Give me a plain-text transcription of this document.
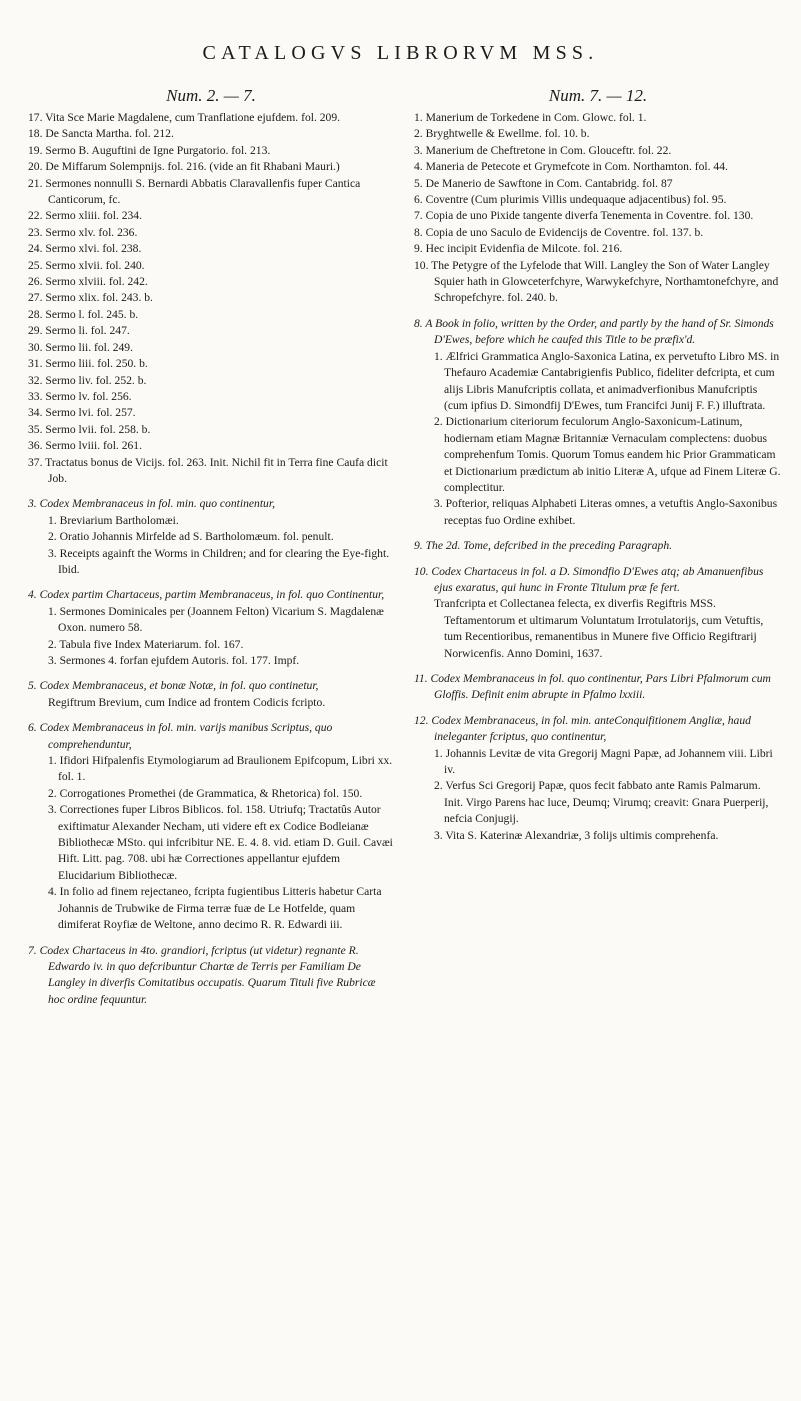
CATALOGVS LIBRORVM MSS.
Num. 2. — 7.

17. Vita Sce Marie Magdalene, cum Tranflatione ejufdem. fol. 209.

18. De Sancta Martha. fol. 212.

19. Sermo B. Auguftini de Igne Purgatorio. fol. 213.

20. De Miffarum Solempnijs. fol. 216. (vide an fit Rhabani Mauri.)

21. Sermones nonnulli S. Bernardi Abbatis Claravallenfis fuper Cantica Canticorum, fc.

22. Sermo xliii. fol. 234.

23. Sermo xlv. fol. 236.

24. Sermo xlvi. fol. 238.

25. Sermo xlvii. fol. 240.

26. Sermo xlviii. fol. 242.

27. Sermo xlix. fol. 243. b.

28. Sermo l. fol. 245. b.

29. Sermo li. fol. 247.

30. Sermo lii. fol. 249.

31. Sermo liii. fol. 250. b.

32. Sermo liv. fol. 252. b.

33. Sermo lv. fol. 256.

34. Sermo lvi. fol. 257.

35. Sermo lvii. fol. 258. b.

36. Sermo lviii. fol. 261.

37. Tractatus bonus de Vicijs. fol. 263. Init. Nichil fit in Terra fine Caufa dicit Job.

3. Codex Membranaceus in fol. min. quo continentur,

1. Breviarium Bartholomæi.

2. Oratio Johannis Mirfelde ad S. Bartholomæum. fol. penult.

3. Receipts againft the Worms in Children; and for clearing the Eye-fight. Ibid.

4. Codex partim Chartaceus, partim Membranaceus, in fol. quo Continentur,

1. Sermones Dominicales per (Joannem Felton) Vicarium S. Magdalenæ Oxon. numero 58.

2. Tabula five Index Materiarum. fol. 167.

3. Sermones 4. forfan ejufdem Autoris. fol. 177. Impf.

5. Codex Membranaceus, et bonæ Notæ, in fol. quo continetur,

Regiftrum Brevium, cum Indice ad frontem Codicis fcripto.

6. Codex Membranaceus in fol. min. varijs manibus Scriptus, quo comprehenduntur,

1. Ifidori Hifpalenfis Etymologiarum ad Braulionem Epifcopum, Libri xx. fol. 1.

2. Corrogationes Promethei (de Grammatica, & Rhetorica) fol. 150.

3. Correctiones fuper Libros Biblicos. fol. 158. Utriufq; Tractatûs Autor exiftimatur Alexander Necham, uti videre eft ex Codice Bodleianæ Bibliothecæ MSto. qui infcribitur NE. E. 4. 8. vid. etiam D. Guil. Cavæi Hift. Litt. pag. 708. ubi hæ Correctiones appellantur ejufdem Elucidarium Bibliothecæ.

4. In folio ad finem rejectaneo, fcripta fugientibus Litteris habetur Carta Johannis de Trubwike de Firma terræ fuæ de Le Hotfelde, quam dimiferat Royfiæ de Weltone, anno decimo R. R. Edwardi iii.

7. Codex Chartaceus in 4to. grandiori, fcriptus (ut videtur) regnante R. Edwardo iv. in quo defcribuntur Chartæ de Terris per Familiam De Langley in diverfis Comitatibus occupatis. Quarum Tituli five Rubricæ hoc ordine fequuntur.

Num. 7. — 12.

1. Manerium de Torkedene in Com. Glowc. fol. 1.

2. Bryghtwelle & Ewellme. fol. 10. b.

3. Manerium de Cheftretone in Com. Glouceftr. fol. 22.

4. Maneria de Petecote et Grymefcote in Com. Northamton. fol. 44.

5. De Manerio de Sawftone in Com. Cantabridg. fol. 87

6. Coventre (Cum plurimis Villis undequaque adjacentibus) fol. 95.

7. Copia de uno Pixide tangente diverfa Tenementa in Coventre. fol. 130.

8. Copia de uno Saculo de Evidencijs de Coventre. fol. 137. b.

9. Hec incipit Evidenfia de Milcote. fol. 216.

10. The Petygre of the Lyfelode that Will. Langley the Son of Water Langley Squier hath in Glowceterfchyre, Warwykefchyre, Northamtonefchyre, and Schropefchyre. fol. 240. b.

8. A Book in folio, written by the Order, and partly by the hand of Sr. Simonds D'Ewes, before which he caufed this Title to be præfix'd.

1. Ælfrici Grammatica Anglo-Saxonica Latina, ex pervetufto Libro MS. in Thefauro Academiæ Cantabrigienfis Publico, fideliter defcripta, et cum alijs Libris Manufcriptis collata, et animadverfionibus Manufcriptis (cum ipfius D. Simondfij D'Ewes, tum Francifci Junij F. F.) illuftrata.

2. Dictionarium citeriorum feculorum Anglo-Saxonicum-Latinum, hodiernam etiam Magnæ Britanniæ Vernaculam complectens: duobus comprehenfum Tomis. Quorum Tomus eandem hic Prior Grammaticam et Dictionarium prædictum ab initio Literæ A, ufque ad Finem Literæ G. complectitur.

3. Pofterior, reliquas Alphabeti Literas omnes, a vetuftis Anglo-Saxonibus receptas fuo Ordine exhibet.

9. The 2d. Tome, defcribed in the preceding Paragraph.

10. Codex Chartaceus in fol. a D. Simondfio D'Ewes atq; ab Amanuenfibus ejus exaratus, qui hunc in Fronte Titulum præ fe fert.

Tranfcripta et Collectanea felecta, ex diverfis Regiftris MSS. Teftamentorum et ultimarum Voluntatum Irrotulatorijs, cum Vetuftis, tum Recentioribus, remanentibus in Munere five Officio Regiftrarij Norwicenfis. Anno Domini, 1637.

11. Codex Membranaceus in fol. quo continentur, Pars Libri Pfalmorum cum Gloffis. Definit enim abrupte in Pfalmo lxxiii.

12. Codex Membranaceus, in fol. min. anteConquifitionem Angliæ, haud ineleganter fcriptus, quo continentur,

1. Johannis Levitæ de vita Gregorij Magni Papæ, ad Johannem viii. Libri iv.

2. Verfus Sci Gregorij Papæ, quos fecit fabbato ante Ramis Palmarum. Init. Virgo Parens hac luce, Deumq; Virumq; creavit: Gnara Puerperij, nefcia Conjugij.

3. Vita S. Katerinæ Alexandriæ, 3 folijs ultimis comprehenfa.
